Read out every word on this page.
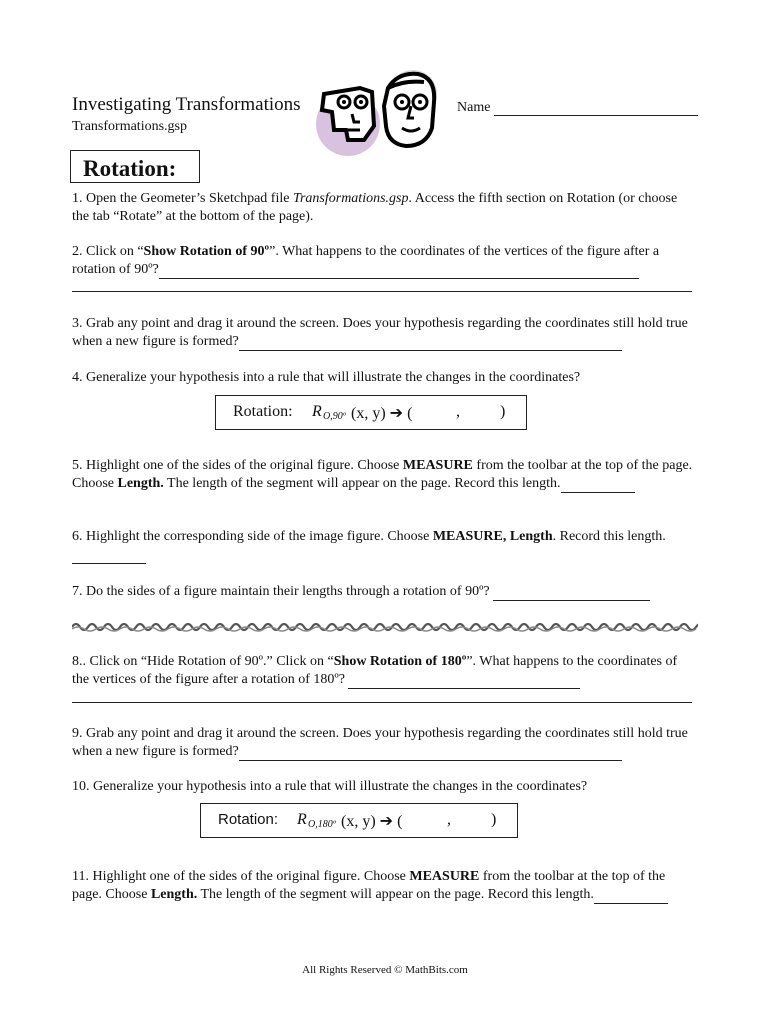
Investigating Transformations
Transformations.gsp
Name
Rotation:
1. Open the Geometer’s Sketchpad file Transformations.gsp. Access the fifth section on Rotation (or choose the tab “Rotate” at the bottom of the page).
2. Click on “Show Rotation of 90º”. What happens to the coordinates of the vertices of the figure after a rotation of 90º?
3. Grab any point and drag it around the screen. Does your hypothesis regarding the coordinates still hold true when a new figure is formed?
4. Generalize your hypothesis into a rule that will illustrate the changes in the coordinates?
Rotation: R O,90º (x, y) ➔ (	,	)
5. Highlight one of the sides of the original figure. Choose MEASURE from the toolbar at the top of the page. Choose Length. The length of the segment will appear on the page. Record this length.
6. Highlight the corresponding side of the image figure. Choose MEASURE, Length. Record this length.
7. Do the sides of a figure maintain their lengths through a rotation of 90º?
8.. Click on “Hide Rotation of 90º.” Click on “Show Rotation of 180º”. What happens to the coordinates of the vertices of the figure after a rotation of 180º?
9. Grab any point and drag it around the screen. Does your hypothesis regarding the coordinates still hold true when a new figure is formed?
10. Generalize your hypothesis into a rule that will illustrate the changes in the coordinates?
Rotation: R O,180º (x, y) ➔ (	,	)
11. Highlight one of the sides of the original figure. Choose MEASURE from the toolbar at the top of the page. Choose Length. The length of the segment will appear on the page. Record this length.
All Rights Reserved © MathBits.com
